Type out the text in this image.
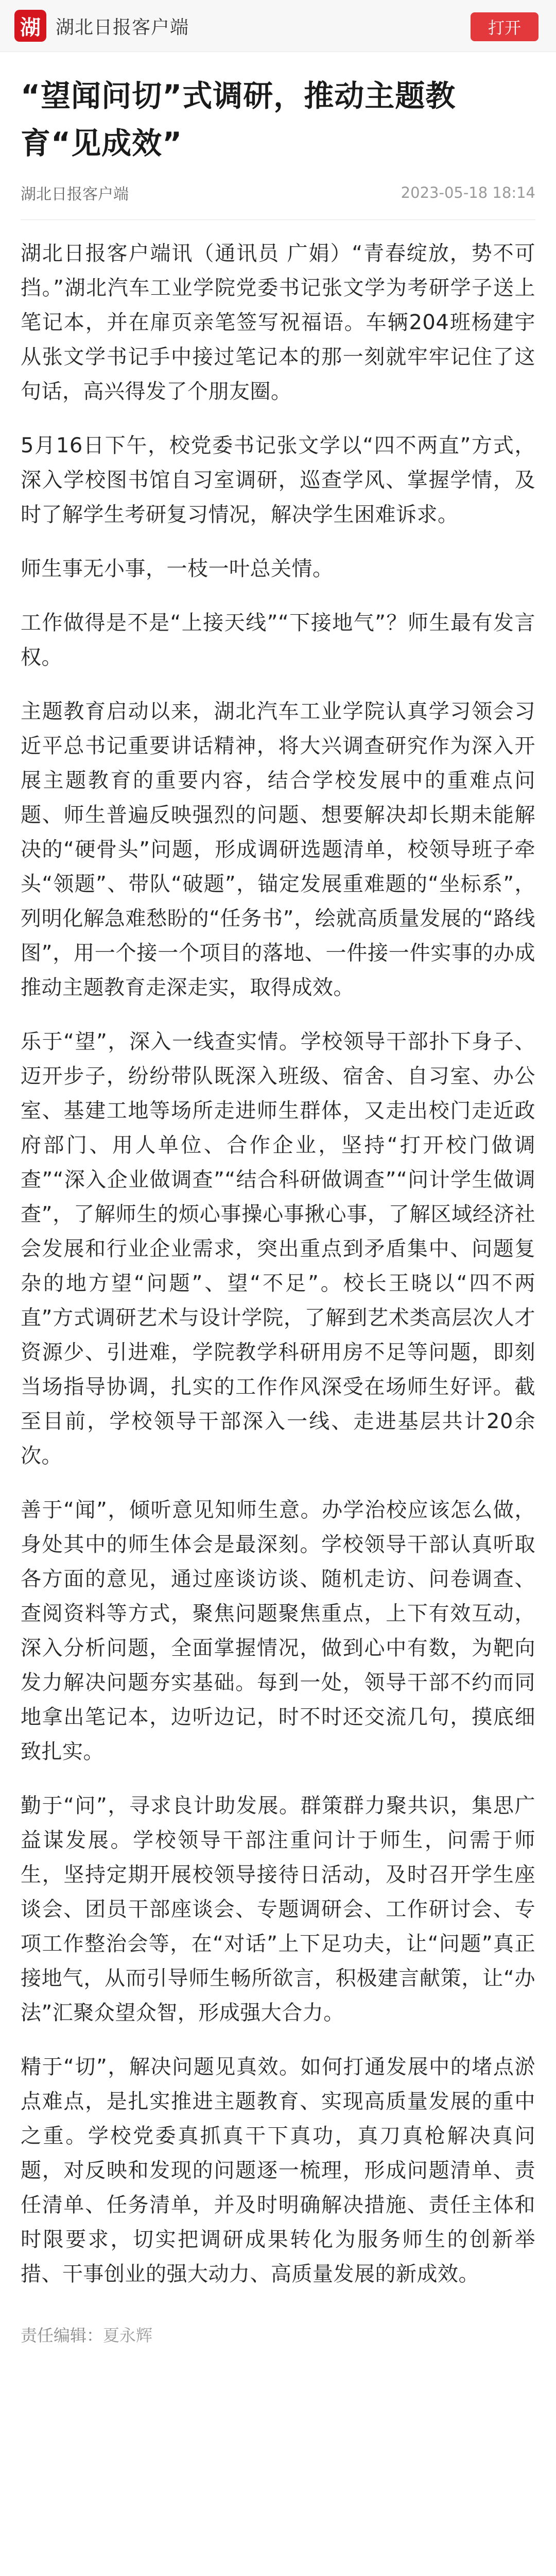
湖 湖北日报客户端	打开
“望闻问切”式调研，推动主题教育“见成效”
湖北日报客户端	2023-05-18 18:14

湖北日报客户端讯（通讯员 广娟）“青春绽放，势不可挡。”湖北汽车工业学院党委书记张文学为考研学子送上笔记本，并在扉页亲笔签写祝福语。车辆204班杨建宇从张文学书记手中接过笔记本的那一刻就牢牢记住了这句话，高兴得发了个朋友圈。

5月16日下午，校党委书记张文学以“四不两直”方式，深入学校图书馆自习室调研，巡查学风、掌握学情，及时了解学生考研复习情况，解决学生困难诉求。

师生事无小事，一枝一叶总关情。

工作做得是不是“上接天线”“下接地气”？师生最有发言权。

主题教育启动以来，湖北汽车工业学院认真学习领会习近平总书记重要讲话精神，将大兴调查研究作为深入开展主题教育的重要内容，结合学校发展中的重难点问题、师生普遍反映强烈的问题、想要解决却长期未能解决的“硬骨头”问题，形成调研选题清单，校领导班子牵头“领题”、带队“破题”，锚定发展重难题的“坐标系”，列明化解急难愁盼的“任务书”，绘就高质量发展的“路线图”，用一个接一个项目的落地、一件接一件实事的办成推动主题教育走深走实，取得成效。

乐于“望”，深入一线查实情。学校领导干部扑下身子、迈开步子，纷纷带队既深入班级、宿舍、自习室、办公室、基建工地等场所走进师生群体，又走出校门走近政府部门、用人单位、合作企业，坚持“打开校门做调查”“深入企业做调查”“结合科研做调查”“问计学生做调查”，了解师生的烦心事操心事揪心事，了解区域经济社会发展和行业企业需求，突出重点到矛盾集中、问题复杂的地方望“问题”、望“不足”。校长王晓以“四不两直”方式调研艺术与设计学院，了解到艺术类高层次人才资源少、引进难，学院教学科研用房不足等问题，即刻当场指导协调，扎实的工作作风深受在场师生好评。截至目前，学校领导干部深入一线、走进基层共计20余次。

善于“闻”，倾听意见知师生意。办学治校应该怎么做，身处其中的师生体会是最深刻。学校领导干部认真听取各方面的意见，通过座谈访谈、随机走访、问卷调查、查阅资料等方式，聚焦问题聚焦重点，上下有效互动，深入分析问题，全面掌握情况，做到心中有数，为靶向发力解决问题夯实基础。每到一处，领导干部不约而同地拿出笔记本，边听边记，时不时还交流几句，摸底细致扎实。

勤于“问”，寻求良计助发展。群策群力聚共识，集思广益谋发展。学校领导干部注重问计于师生，问需于师生，坚持定期开展校领导接待日活动，及时召开学生座谈会、团员干部座谈会、专题调研会、工作研讨会、专项工作整治会等，在“对话”上下足功夫，让“问题”真正接地气，从而引导师生畅所欲言，积极建言献策，让“办法”汇聚众望众智，形成强大合力。

精于“切”，解决问题见真效。如何打通发展中的堵点淤点难点，是扎实推进主题教育、实现高质量发展的重中之重。学校党委真抓真干下真功，真刀真枪解决真问题，对反映和发现的问题逐一梳理，形成问题清单、责任清单、任务清单，并及时明确解决措施、责任主体和时限要求，切实把调研成果转化为服务师生的创新举措、干事创业的强大动力、高质量发展的新成效。

责任编辑：夏永辉
